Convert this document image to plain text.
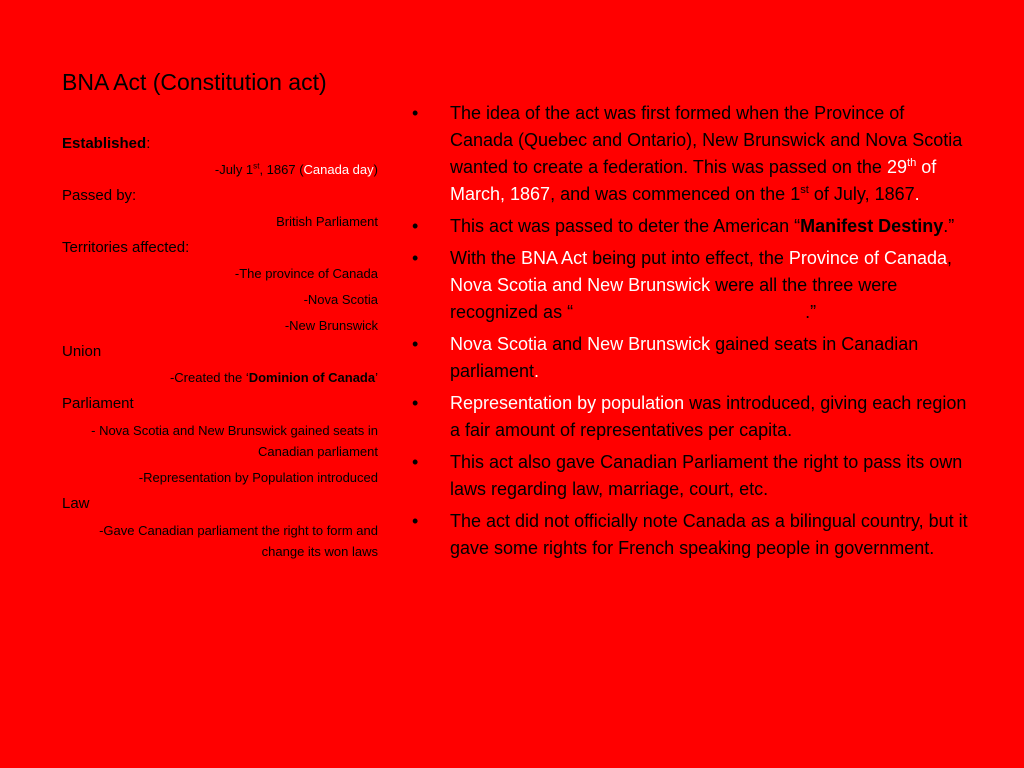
BNA Act (Constitution act)

Established:

-July 1st, 1867 (Canada day)

Passed by:

British Parliament

Territories affected:

-The province of Canada

-Nova Scotia

-New Brunswick

Union

-Created the ‘Dominion of Canada’

Parliament

- Nova Scotia and New Brunswick gained seats in Canadian parliament

-Representation by Population introduced

Law

-Gave Canadian parliament the right to form and change its won laws

• The idea of the act was first formed when the Province of Canada (Quebec and Ontario), New Brunswick and Nova Scotia wanted to create a federation. This was passed on the 29th of March, 1867, and was commenced on the 1st of July, 1867.
• This act was passed to deter the American “Manifest Destiny.”
• With the BNA Act being put into effect, the Province of Canada, Nova Scotia and New Brunswick were all the three were recognized as “	.”
• Nova Scotia and New Brunswick gained seats in Canadian parliament.
• Representation by population was introduced, giving each region a fair amount of representatives per capita.
• This act also gave Canadian Parliament the right to pass its own laws regarding law, marriage, court, etc.
• The act did not officially note Canada as a bilingual country, but it gave some rights for French speaking people in government.
